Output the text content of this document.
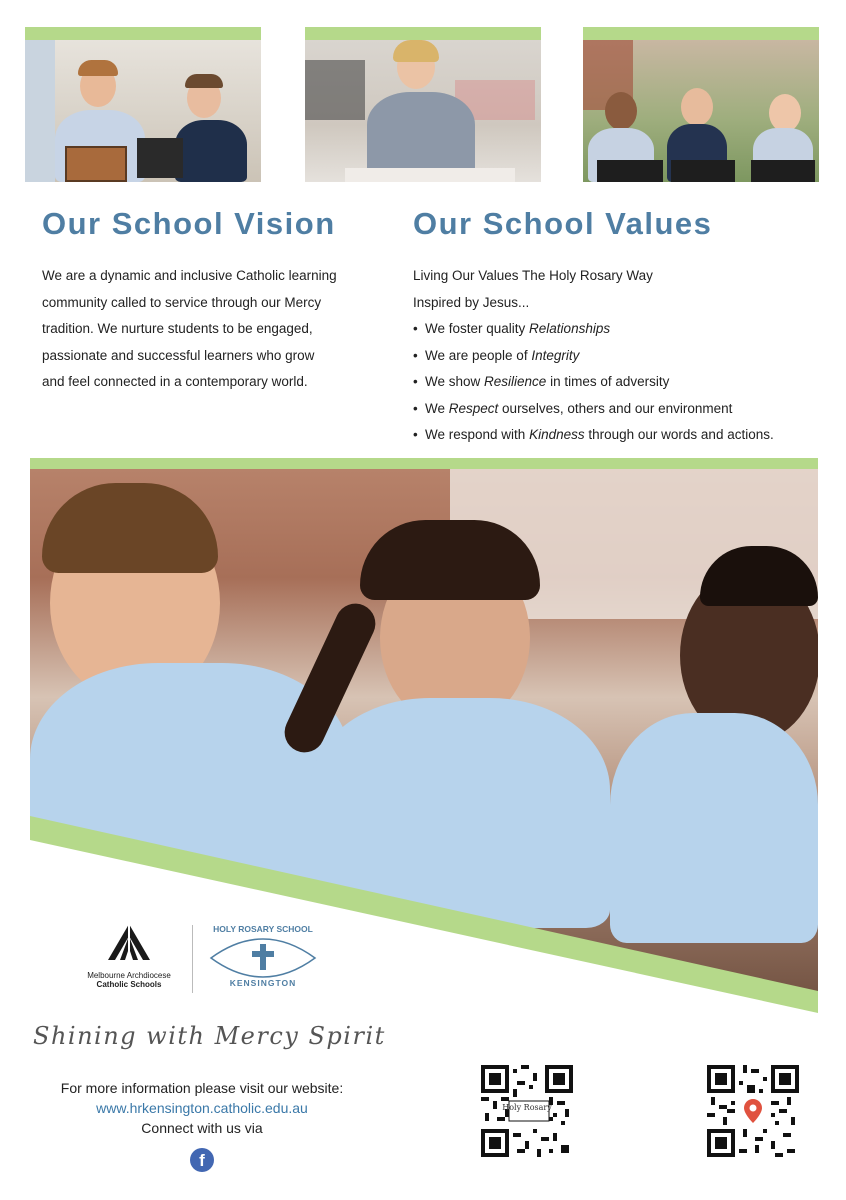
Our School Vision
We are a dynamic and inclusive Catholic learning
community called to service through our Mercy
tradition. We nurture students to be engaged,
passionate and successful learners who grow
and feel connected in a contemporary world.
Our School Values
Living Our Values The Holy Rosary Way
Inspired by Jesus...
• We foster quality Relationships
• We are people of Integrity
• We show Resilience in times of adversity
• We Respect ourselves, others and our environment
• We respond with Kindness through our words and actions.
Melbourne Archdiocese
Catholic Schools
HOLY ROSARY SCHOOL
KENSINGTON
Shining with Mercy Spirit
For more information please visit our website:
www.hrkensington.catholic.edu.au
Connect with us via
f
Holy Rosary
